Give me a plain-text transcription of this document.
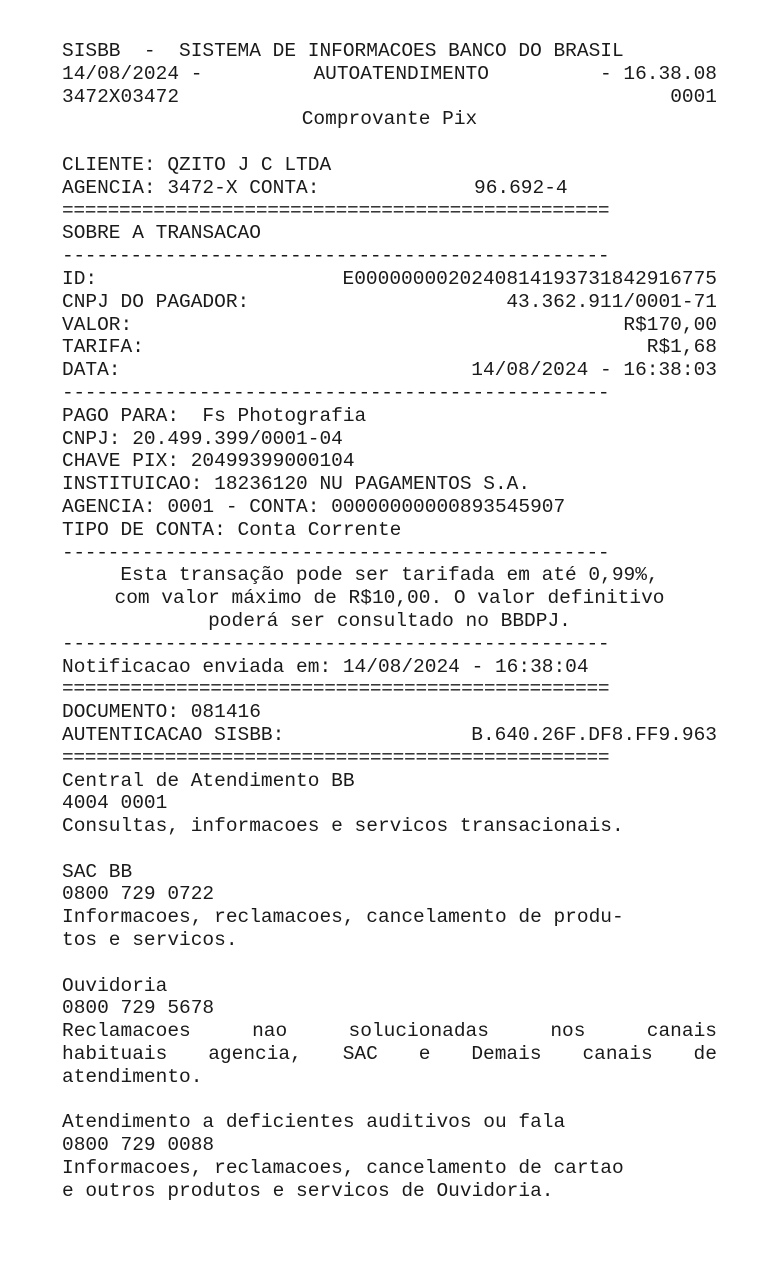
SISBB  -  SISTEMA DE INFORMACOES BANCO DO BRASIL
14/08/2024 -	AUTOATENDIMENTO	- 16.38.08
3472X03472	0001
Comprovante Pix
CLIENTE: QZITO J C LTDA
AGENCIA: 3472-X CONTA:	96.692-4
================================================
SOBRE A TRANSACAO
------------------------------------------------
ID:	E0000000020240814193731842916775
CNPJ DO PAGADOR:	43.362.911/0001-71
VALOR:	R$170,00
TARIFA:	R$1,68
DATA:	14/08/2024 - 16:38:03
------------------------------------------------
PAGO PARA:  Fs Photografia
CNPJ: 20.499.399/0001-04
CHAVE PIX: 20499399000104
INSTITUICAO: 18236120 NU PAGAMENTOS S.A.
AGENCIA: 0001 - CONTA: 00000000000893545907
TIPO DE CONTA: Conta Corrente
------------------------------------------------
Esta transação pode ser tarifada em até 0,99%,
com valor máximo de R$10,00. O valor definitivo
poderá ser consultado no BBDPJ.
------------------------------------------------
Notificacao enviada em: 14/08/2024 - 16:38:04
================================================
DOCUMENTO: 081416
AUTENTICACAO SISBB:	B.640.26F.DF8.FF9.963
================================================
Central de Atendimento BB
4004 0001
Consultas, informacoes e servicos transacionais.
SAC BB
0800 729 0722
Informacoes, reclamacoes, cancelamento de produ-
tos e servicos.
Ouvidoria
0800 729 5678
Reclamacoes	nao	solucionadas	nos	canais
habituais agencia, SAC e Demais canais de
atendimento.
Atendimento a deficientes auditivos ou fala
0800 729 0088
Informacoes, reclamacoes, cancelamento de cartao
e outros produtos e servicos de Ouvidoria.
